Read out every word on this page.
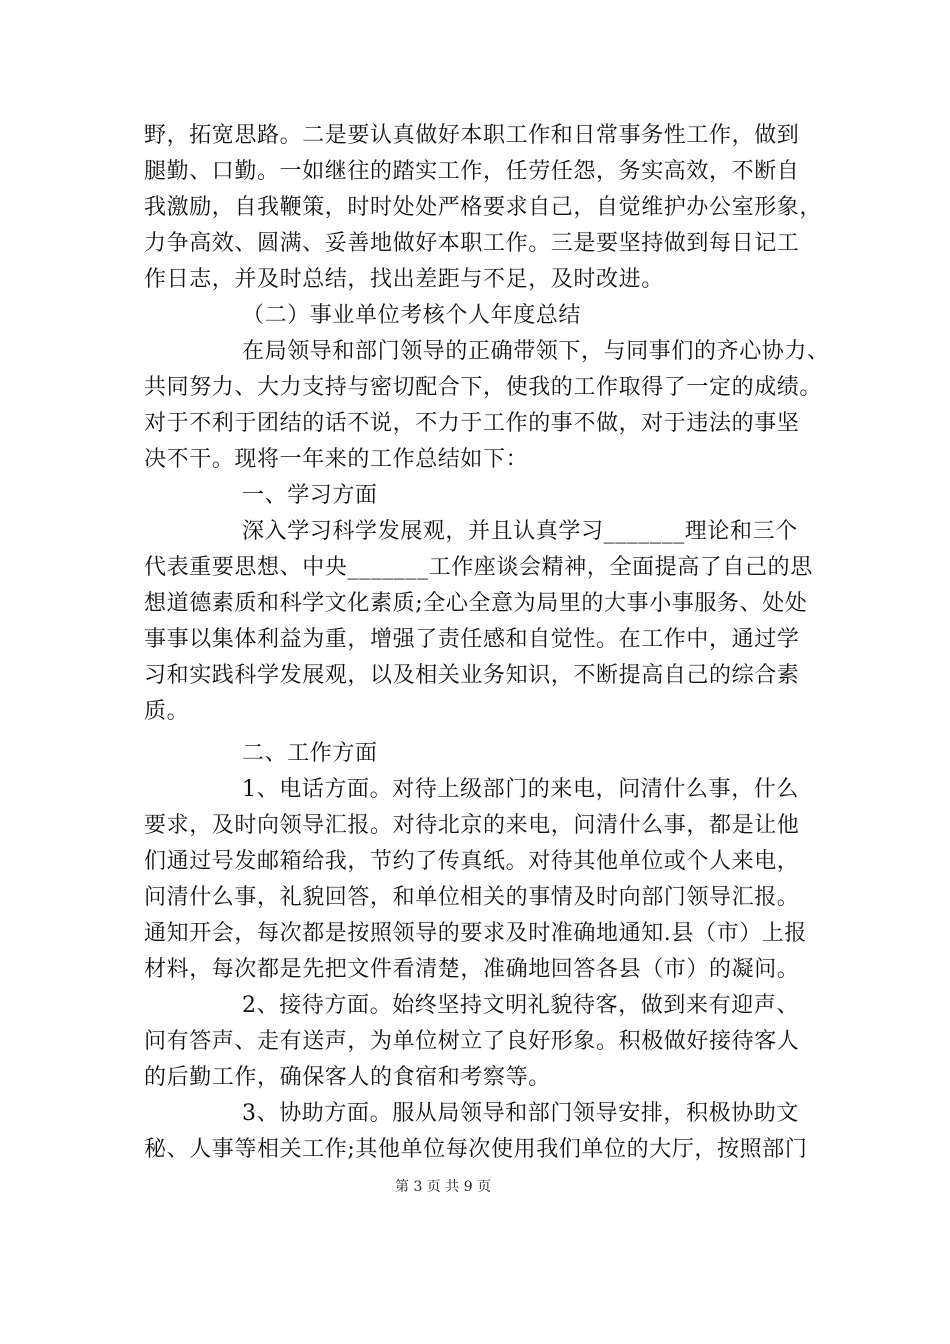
野，拓宽思路。二是要认真做好本职工作和日常事务性工作，做到
腿勤、口勤。一如继往的踏实工作，任劳任怨，务实高效，不断自
我激励，自我鞭策，时时处处严格要求自己，自觉维护办公室形象，
力争高效、圆满、妥善地做好本职工作。三是要坚持做到每日记工
作日志，并及时总结，找出差距与不足，及时改进。
（二）事业单位考核个人年度总结
在局领导和部门领导的正确带领下，与同事们的齐心协力、
共同努力、大力支持与密切配合下，使我的工作取得了一定的成绩。
对于不利于团结的话不说，不力于工作的事不做，对于违法的事坚
决不干。现将一年来的工作总结如下：
一、学习方面
深入学习科学发展观，并且认真学习_______理论和三个
代表重要思想、中央_______工作座谈会精神，全面提高了自己的思
想道德素质和科学文化素质;全心全意为局里的大事小事服务、处处
事事以集体利益为重，增强了责任感和自觉性。在工作中，通过学
习和实践科学发展观，以及相关业务知识，不断提高自己的综合素
质。
二、工作方面
1、电话方面。对待上级部门的来电，问清什么事，什么
要求，及时向领导汇报。对待北京的来电，问清什么事，都是让他
们通过号发邮箱给我，节约了传真纸。对待其他单位或个人来电，
问清什么事，礼貌回答，和单位相关的事情及时向部门领导汇报。
通知开会，每次都是按照领导的要求及时准确地通知.县（市）上报
材料，每次都是先把文件看清楚，准确地回答各县（市）的凝问。
2、接待方面。始终坚持文明礼貌待客，做到来有迎声、
问有答声、走有送声，为单位树立了良好形象。积极做好接待客人
的后勤工作，确保客人的食宿和考察等。
3、协助方面。服从局领导和部门领导安排，积极协助文
秘、人事等相关工作;其他单位每次使用我们单位的大厅，按照部门
第 3 页 共 9 页
